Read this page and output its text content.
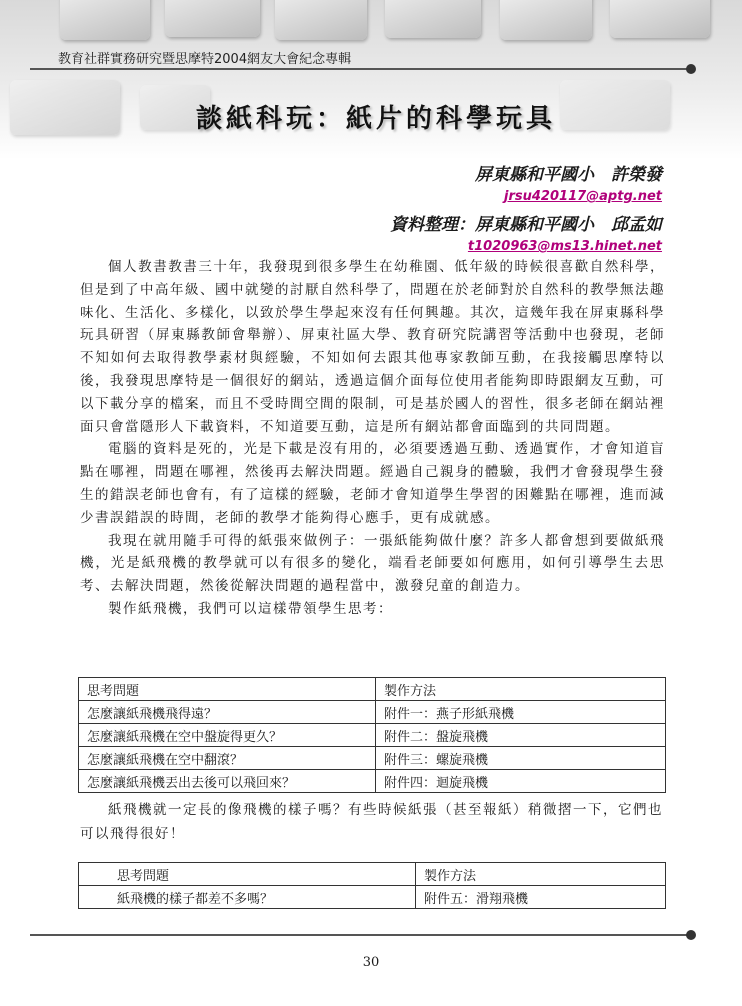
教育社群實務研究暨思摩特2004網友大會紀念專輯
談紙科玩：紙片的科學玩具
屏東縣和平國小　許榮發
jrsu420117@aptg.net
資料整理：屏東縣和平國小　邱孟如
t1020963@ms13.hinet.net

個人教書教書三十年，我發現到很多學生在幼稚園、低年級的時候很喜歡自然科學，但是到了中高年級、國中就變的討厭自然科學了，問題在於老師對於自然科的教學無法趣味化、生活化、多樣化，以致於學生學起來沒有任何興趣。其次，這幾年我在屏東縣科學玩具研習（屏東縣教師會舉辦）、屏東社區大學、教育研究院講習等活動中也發現，老師不知如何去取得教學素材與經驗，不知如何去跟其他專家教師互動，在我接觸思摩特以後，我發現思摩特是一個很好的網站，透過這個介面每位使用者能夠即時跟網友互動，可以下載分享的檔案，而且不受時間空間的限制，可是基於國人的習性，很多老師在網站裡面只會當隱形人下載資料，不知道要互動，這是所有網站都會面臨到的共同問題。

電腦的資料是死的，光是下載是沒有用的，必須要透過互動、透過實作，才會知道盲點在哪裡，問題在哪裡，然後再去解決問題。經過自己親身的體驗，我們才會發現學生發生的錯誤老師也會有，有了這樣的經驗，老師才會知道學生學習的困難點在哪裡，進而減少書誤錯誤的時間，老師的教學才能夠得心應手，更有成就感。

我現在就用隨手可得的紙張來做例子：一張紙能夠做什麼？許多人都會想到要做紙飛機，光是紙飛機的教學就可以有很多的變化，端看老師要如何應用，如何引導學生去思考、去解決問題，然後從解決問題的過程當中，激發兒童的創造力。

製作紙飛機，我們可以這樣帶領學生思考：

思考問題	製作方法
怎麼讓紙飛機飛得遠？	附件一：燕子形紙飛機
怎麼讓紙飛機在空中盤旋得更久？	附件二：盤旋飛機
怎麼讓紙飛機在空中翻滾？	附件三：螺旋飛機
怎麼讓紙飛機丟出去後可以飛回來？	附件四：迴旋飛機

紙飛機就一定長的像飛機的樣子嗎？有些時候紙張（甚至報紙）稍微摺一下，它們也可以飛得很好！

思考問題	製作方法
紙飛機的樣子都差不多嗎？	附件五：滑翔飛機
30
